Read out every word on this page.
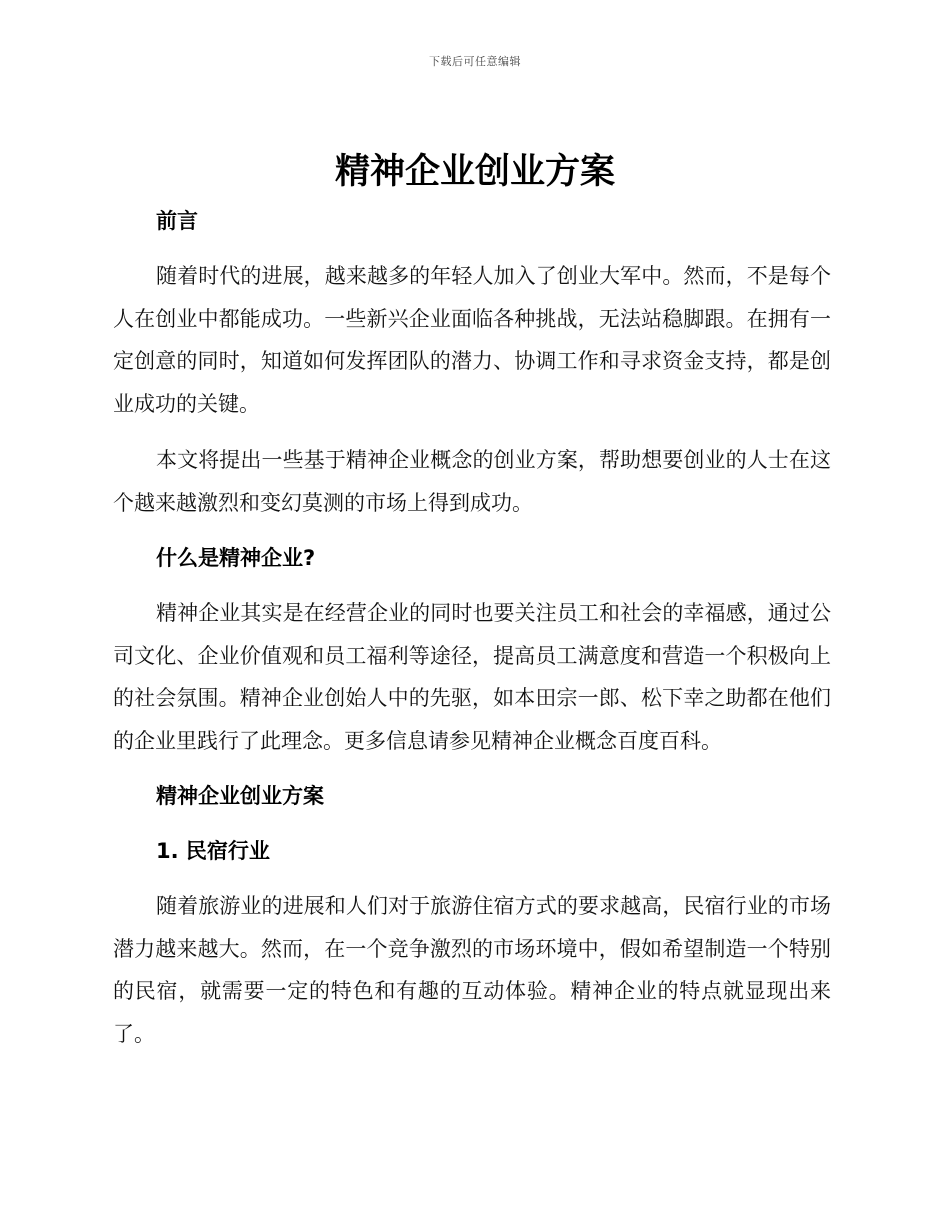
下载后可任意编辑
精神企业创业方案

前言

随着时代的进展，越来越多的年轻人加入了创业大军中。然而，不是每个人在创业中都能成功。一些新兴企业面临各种挑战，无法站稳脚跟。在拥有一定创意的同时，知道如何发挥团队的潜力、协调工作和寻求资金支持，都是创业成功的关键。

本文将提出一些基于精神企业概念的创业方案，帮助想要创业的人士在这个越来越激烈和变幻莫测的市场上得到成功。

什么是精神企业?

精神企业其实是在经营企业的同时也要关注员工和社会的幸福感，通过公司文化、企业价值观和员工福利等途径，提高员工满意度和营造一个积极向上的社会氛围。精神企业创始人中的先驱，如本田宗一郎、松下幸之助都在他们的企业里践行了此理念。更多信息请参见精神企业概念百度百科。

精神企业创业方案

1. 民宿行业

随着旅游业的进展和人们对于旅游住宿方式的要求越高，民宿行业的市场潜力越来越大。然而，在一个竞争激烈的市场环境中，假如希望制造一个特别的民宿，就需要一定的特色和有趣的互动体验。精神企业的特点就显现出来了。
